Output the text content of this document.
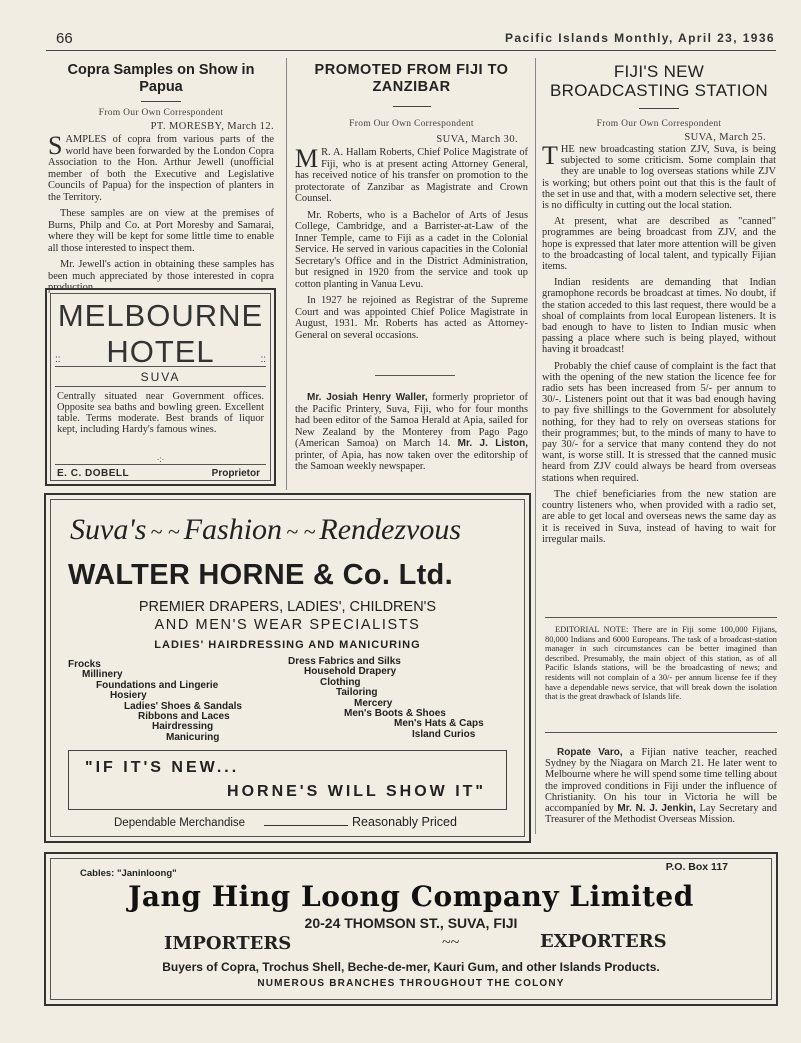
66	Pacific Islands Monthly, April 23, 1936
Copra Samples on Show in Papua
From Our Own Correspondent
PT. MORESBY, March 12.

SAMPLES of copra from various parts of the world have been forwarded by the London Copra Association to the Hon. Arthur Jewell (unofficial member of both the Executive and Legislative Councils of Papua) for the inspection of planters in the Territory.

These samples are on view at the premises of Burns, Philp and Co. at Port Moresby and Samarai, where they will be kept for some little time to enable all those interested to inspect them.

Mr. Jewell's action in obtaining these samples has been much appreciated by those interested in copra production.

MELBOURNE
HOTEL
::	::
SUVA
Centrally situated near Government offices. Opposite sea baths and bowling green. Excellent table. Terms moderate. Best brands of liquor kept, including Hardy's famous wines.
·:·
E. C. DOBELL	Proprietor
PROMOTED FROM FIJI TO ZANZIBAR
From Our Own Correspondent
SUVA, March 30.

M R. A. Hallam Roberts, Chief Police Magistrate of Fiji, who is at present acting Attorney General, has received notice of his transfer on promotion to the protectorate of Zanzibar as Magistrate and Crown Counsel.

Mr. Roberts, who is a Bachelor of Arts of Jesus College, Cambridge, and a Barrister-at-Law of the Inner Temple, came to Fiji as a cadet in the Colonial Service. He served in various capacities in the Colonial Secretary's Office and in the District Administration, but resigned in 1920 from the service and took up cotton planting in Vanua Levu.

In 1927 he rejoined as Registrar of the Supreme Court and was appointed Chief Police Magistrate in August, 1931. Mr. Roberts has acted as Attorney-General on several occasions.

Mr. Josiah Henry Waller, formerly proprietor of the Pacific Printery, Suva, Fiji, who for four months had been editor of the Samoa Herald at Apia, sailed for New Zealand by the Monterey from Pago Pago (American Samoa) on March 14. Mr. J. Liston, printer, of Apia, has now taken over the editorship of the Samoan weekly newspaper.

FIJI'S NEW BROADCASTING STATION
From Our Own Correspondent
SUVA, March 25.

THE new broadcasting station ZJV, Suva, is being subjected to some criticism. Some complain that they are unable to log overseas stations while ZJV is working; but others point out that this is the fault of the set in use and that, with a modern selective set, there is no difficulty in cutting out the local station.

At present, what are described as "canned" programmes are being broadcast from ZJV, and the hope is expressed that later more attention will be given to the broadcasting of local talent, and typically Fijian items.

Indian residents are demanding that Indian gramophone records be broadcast at times. No doubt, if the station acceded to this last request, there would be a shoal of complaints from local European listeners. It is bad enough to have to listen to Indian music when passing a place where such is being played, without having it broadcast!

Probably the chief cause of complaint is the fact that with the opening of the new station the licence fee for radio sets has been increased from 5/- per annum to 30/-. Listeners point out that it was bad enough having to pay five shillings to the Government for absolutely nothing, for they had to rely on overseas stations for their programmes; but, to the minds of many to have to pay 30/- for a service that many contend they do not want, is worse still. It is stressed that the canned music heard from ZJV could always be heard from overseas stations when required.

The chief beneficiaries from the new station are country listeners who, when provided with a radio set, are able to get local and overseas news the same day as it is received in Suva, instead of having to wait for irregular mails.

EDITORIAL NOTE: There are in Fiji some 100,000 Fijians, 80,000 Indians and 6000 Europeans. The task of a broadcast-station manager in such circumstances can be better imagined than described. Presumably, the main object of this station, as of all Pacific Islands stations, will be the broadcasting of news; and residents will not complain of a 30/- per annum license fee if they have a dependable news service, that will break down the isolation that is the great drawback of Islands life.

Ropate Varo, a Fijian native teacher, reached Sydney by the Niagara on March 21. He later went to Melbourne where he will spend some time telling about the improved conditions in Fiji under the influence of Christianity. On his tour in Victoria he will be accompanied by Mr. N. J. Jenkin, Lay Secretary and Treasurer of the Methodist Overseas Mission.

Suva's ~ ~ Fashion ~ ~ Rendezvous
WALTER HORNE & Co. Ltd.
PREMIER DRAPERS, LADIES', CHILDREN'S
AND MEN'S WEAR SPECIALISTS
LADIES' HAIRDRESSING AND MANICURING
Frocks
Millinery
Foundations and Lingerie
Hosiery
Ladies' Shoes & Sandals
Ribbons and Laces
Hairdressing
Manicuring
Dress Fabrics and Silks
Household Drapery
Clothing
Tailoring
Mercery
Men's Boots & Shoes
Men's Hats & Caps
Island Curios
"IF IT'S NEW...
HORNE'S WILL SHOW IT"
Dependable Merchandise	Reasonably Priced
Cables: "Janinloong"
P.O. Box 117
Jang Hing Loong Company Limited
20-24 THOMSON ST., SUVA, FIJI
IMPORTERS	~~	EXPORTERS
Buyers of Copra, Trochus Shell, Beche-de-mer, Kauri Gum, and other Islands Products.
NUMEROUS BRANCHES THROUGHOUT THE COLONY
